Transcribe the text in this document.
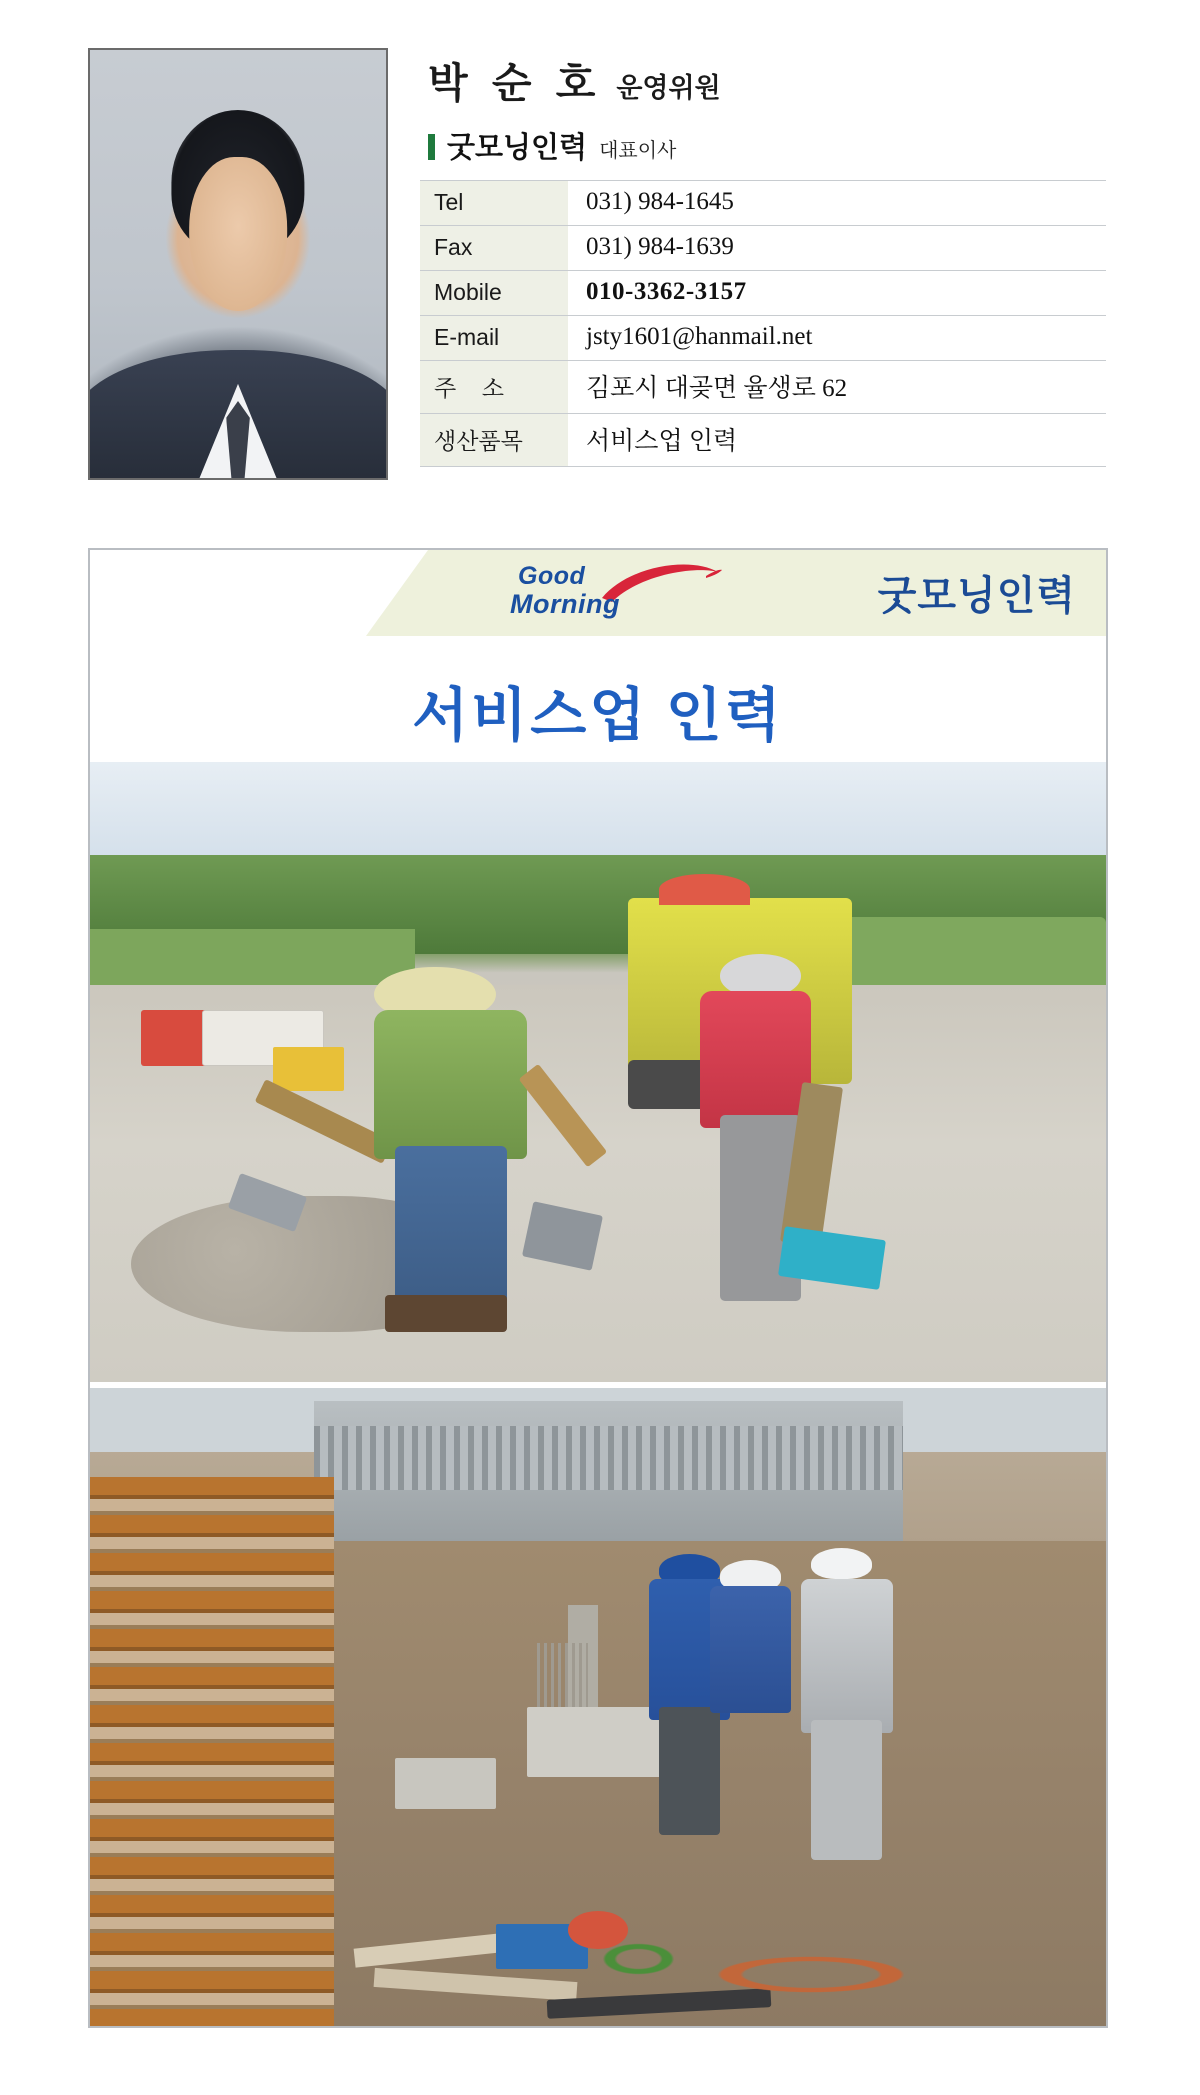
박 순 호 운영위원
굿모닝인력 대표이사
Tel	031) 984-1645
Fax	031) 984-1639
Mobile	010-3362-3157
E-mail	jsty1601@hanmail.net
주    소	김포시 대곶면 율생로 62
생산품목	서비스업 인력
Good
Morning	굿모닝인력
서비스업 인력
